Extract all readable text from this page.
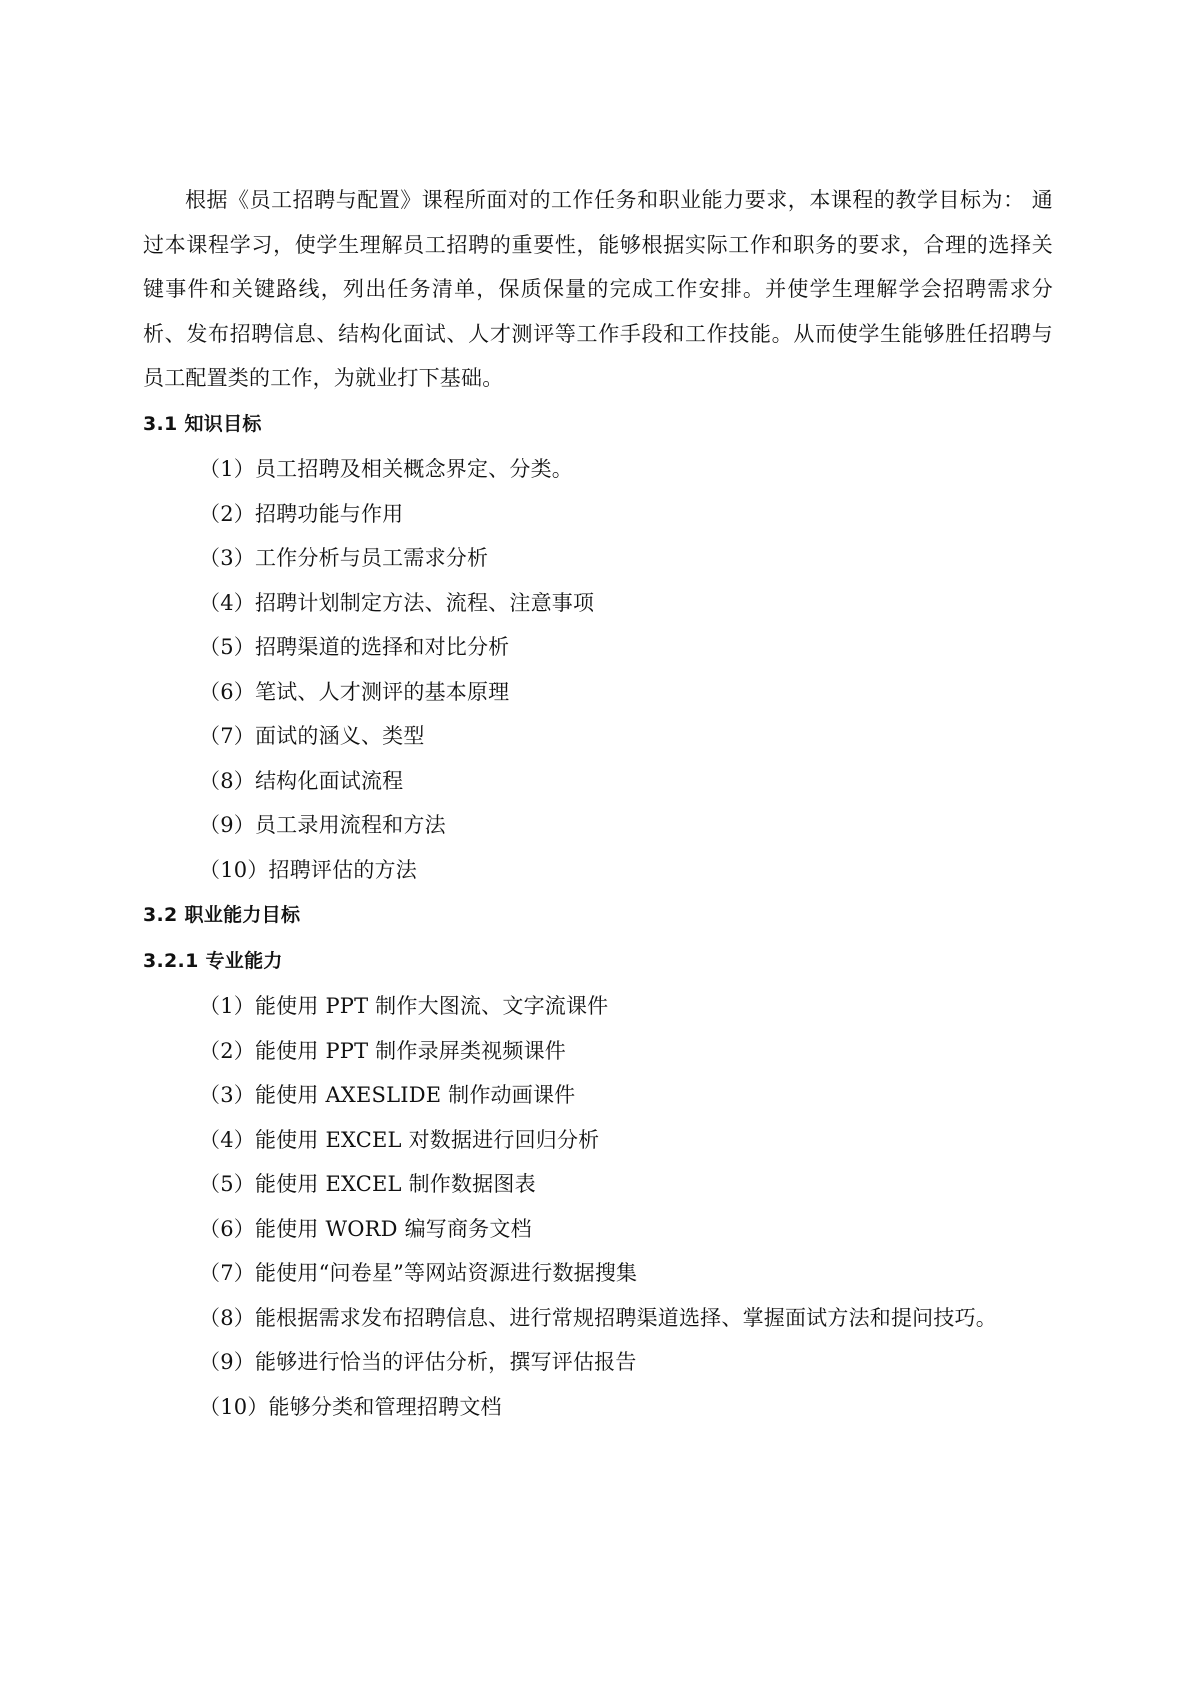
根据《员工招聘与配置》课程所面对的工作任务和职业能力要求，本课程的教学目标为： 通过本课程学习，使学生理解员工招聘的重要性，能够根据实际工作和职务的要求，合理的选择关键事件和关键路线，列出任务清单，保质保量的完成工作安排。并使学生理解学会招聘需求分析、发布招聘信息、结构化面试、人才测评等工作手段和工作技能。从而使学生能够胜任招聘与员工配置类的工作，为就业打下基础。

3.1 知识目标
（1）员工招聘及相关概念界定、分类。
（2）招聘功能与作用
（3）工作分析与员工需求分析
（4）招聘计划制定方法、流程、注意事项
（5）招聘渠道的选择和对比分析
（6）笔试、人才测评的基本原理
（7）面试的涵义、类型
（8）结构化面试流程
（9）员工录用流程和方法
（10）招聘评估的方法
3.2 职业能力目标
3.2.1 专业能力
（1）能使用 PPT 制作大图流、文字流课件
（2）能使用 PPT 制作录屏类视频课件
（3）能使用 AXESLIDE 制作动画课件
（4）能使用 EXCEL 对数据进行回归分析
（5）能使用 EXCEL 制作数据图表
（6）能使用 WORD 编写商务文档
（7）能使用“问卷星”等网站资源进行数据搜集
（8）能根据需求发布招聘信息、进行常规招聘渠道选择、掌握面试方法和提问技巧。
（9）能够进行恰当的评估分析，撰写评估报告
（10）能够分类和管理招聘文档
